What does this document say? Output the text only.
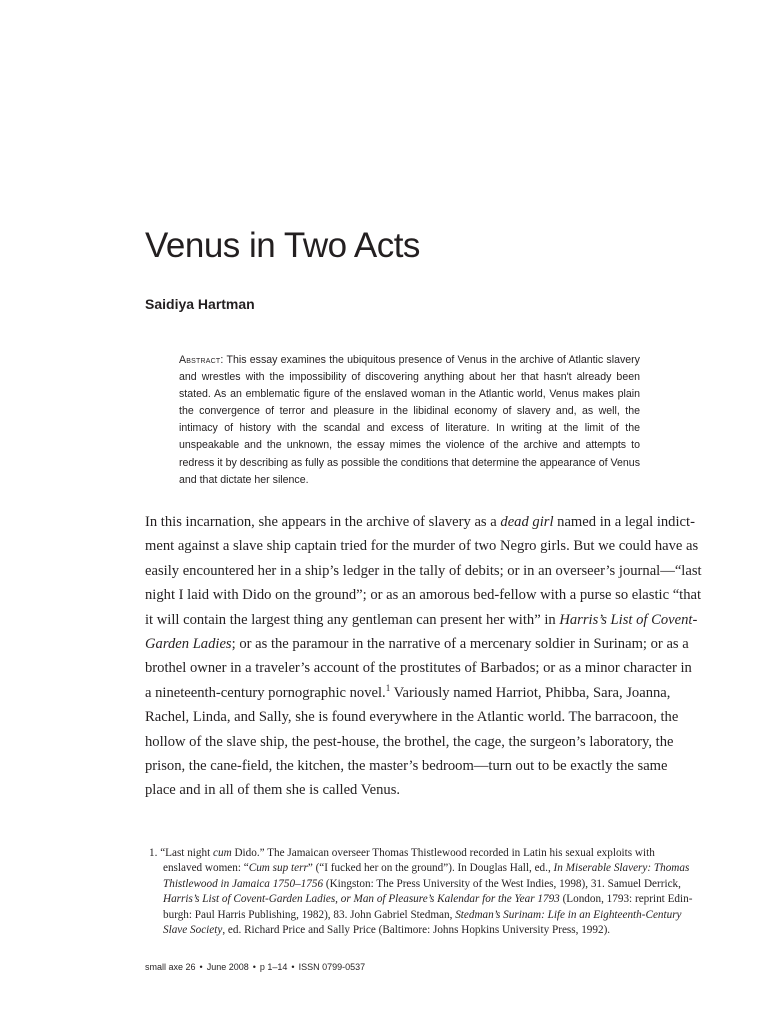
Venus in Two Acts
Saidiya Hartman

Abstract: This essay examines the ubiquitous presence of Venus in the archive of Atlantic slavery and wrestles with the impossibility of discovering anything about her that hasn't already been stated. As an emblematic figure of the enslaved woman in the Atlantic world, Venus makes plain the convergence of terror and pleasure in the libidinal economy of slavery and, as well, the intimacy of history with the scandal and excess of literature. In writing at the limit of the unspeakable and the unknown, the essay mimes the violence of the archive and attempts to redress it by describing as fully as possible the conditions that determine the appearance of Venus and that dictate her silence.

In this incarnation, she appears in the archive of slavery as a dead girl named in a legal indict-
ment against a slave ship captain tried for the murder of two Negro girls. But we could have as
easily encountered her in a ship’s ledger in the tally of debits; or in an overseer’s journal—“last
night I laid with Dido on the ground”; or as an amorous bed-fellow with a purse so elastic “that
it will contain the largest thing any gentleman can present her with” in Harris’s List of Covent-
Garden Ladies; or as the paramour in the narrative of a mercenary soldier in Surinam; or as a
brothel owner in a traveler’s account of the prostitutes of Barbados; or as a minor character in
a nineteenth-century pornographic novel.$^1$ Variously named Harriot, Phibba, Sara, Joanna,
Rachel, Linda, and Sally, she is found everywhere in the Atlantic world. The barracoon, the
hollow of the slave ship, the pest-house, the brothel, the cage, the surgeon’s laboratory, the
prison, the cane-field, the kitchen, the master’s bedroom—turn out to be exactly the same
place and in all of them she is called Venus.
1. “Last night cum Dido.” The Jamaican overseer Thomas Thistlewood recorded in Latin his sexual exploits with
enslaved women: “Cum sup terr” (“I fucked her on the ground”). In Douglas Hall, ed., In Miserable Slavery: Thomas
Thistlewood in Jamaica 1750–1756 (Kingston: The Press University of the West Indies, 1998), 31. Samuel Derrick,
Harris’s List of Covent-Garden Ladies, or Man of Pleasure’s Kalendar for the Year 1793 (London, 1793: reprint Edin-
burgh: Paul Harris Publishing, 1982), 83. John Gabriel Stedman, Stedman’s Surinam: Life in an Eighteenth-Century
Slave Society, ed. Richard Price and Sally Price (Baltimore: Johns Hopkins University Press, 1992).
small axe 26 • June 2008 • p 1–14 • ISSN 0799-0537
